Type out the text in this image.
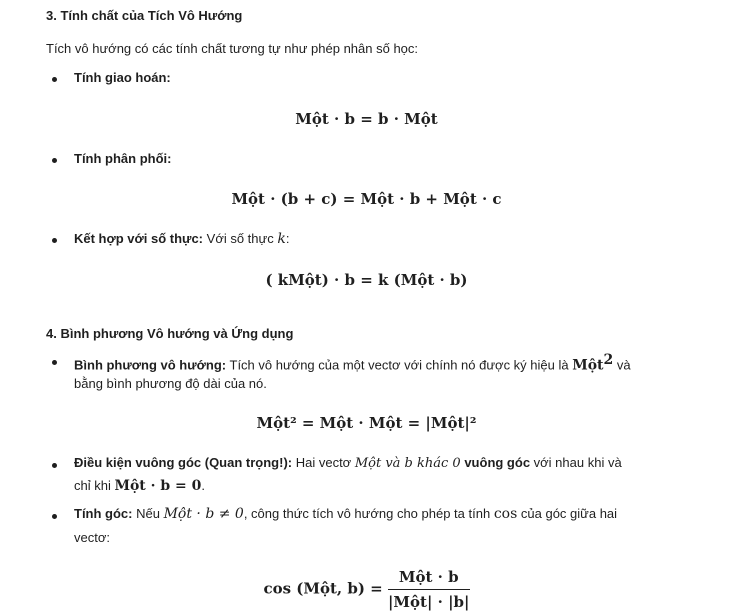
3. Tính chất của Tích Vô Hướng
Tích vô hướng có các tính chất tương tự như phép nhân số học:
Tính giao hoán:
Một · b = b · Một
Tính phân phối:
Một · (b + c) = Một · b + Một · c
Kết hợp với số thực: Với số thực k:
( kMột) · b = k (Một · b)
4. Bình phương Vô hướng và Ứng dụng
Bình phương vô hướng: Tích vô hướng của một vectơ với chính nó được ký hiệu là Một$^2$ và
bằng bình phương độ dài của nó.
Một² = Một · Một = |Một|²
Điều kiện vuông góc (Quan trọng!): Hai vectơ Một và b khác 0 vuông góc với nhau khi và
chỉ khi Một · b = 0.
Tính góc: Nếu Một · b ≠ 0, công thức tích vô hướng cho phép ta tính cos của góc giữa hai
vectơ:
cos (Một, $b) = \frac{\text{Một · b}}{\text{|Một| · |b|}}$
